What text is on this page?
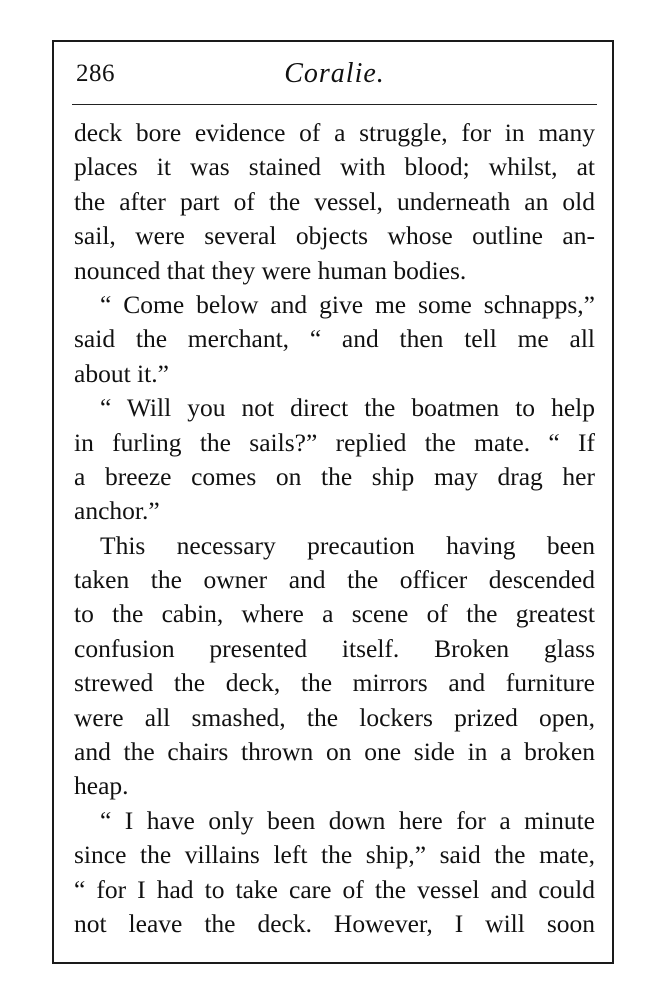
286	Coralie.
deck bore evidence of a struggle, for in many
places it was stained with blood; whilst, at
the after part of the vessel, underneath an old
sail, were several objects whose outline an-
nounced that they were human bodies.
“ Come below and give me some schnapps,”
said the merchant, “ and then tell me all
about it.”
“ Will you not direct the boatmen to help
in furling the sails?” replied the mate. “ If
a breeze comes on the ship may drag her
anchor.”
This necessary precaution having been
taken the owner and the officer descended
to the cabin, where a scene of the greatest
confusion presented itself. Broken glass
strewed the deck, the mirrors and furniture
were all smashed, the lockers prized open,
and the chairs thrown on one side in a broken
heap.
“ I have only been down here for a minute
since the villains left the ship,” said the mate,
“ for I had to take care of the vessel and could
not leave the deck. However, I will soon
